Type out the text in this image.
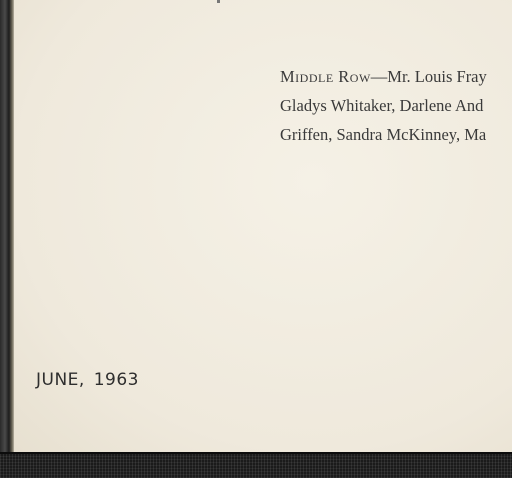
Middle Row—Mr. Louis Fray
Gladys Whitaker, Darlene And
Griffen, Sandra McKinney, Ma
JUNE, 1963
